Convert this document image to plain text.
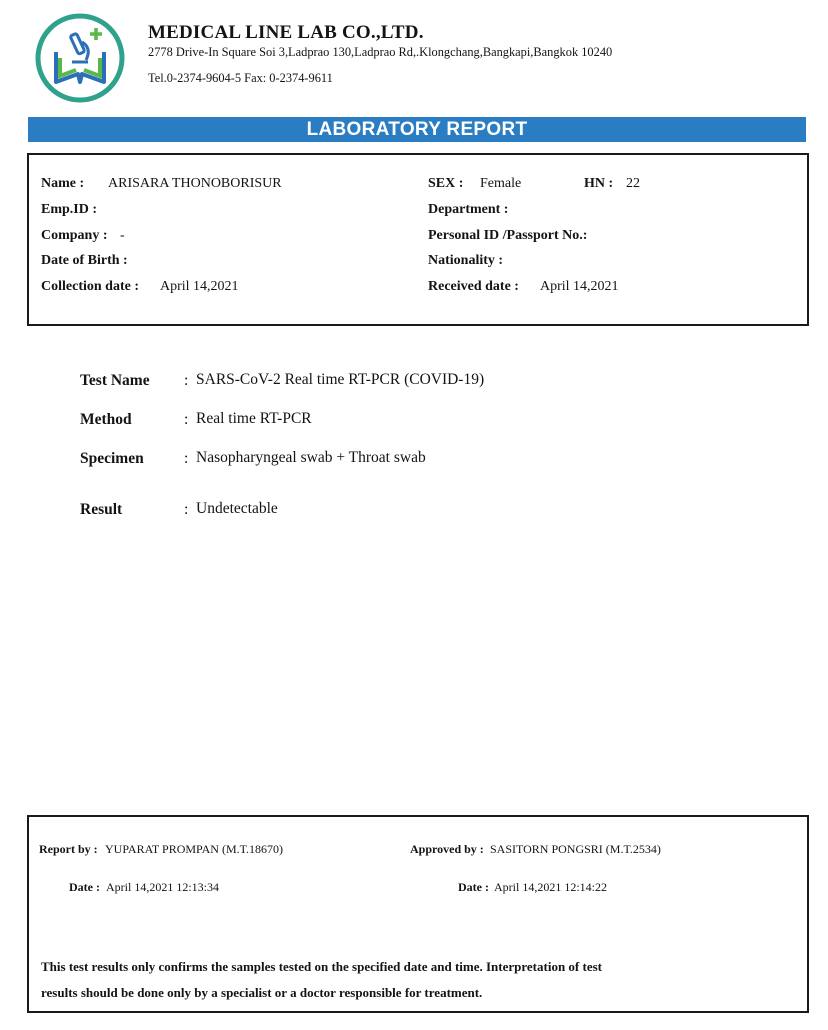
MEDICAL LINE LAB CO.,LTD.
2778 Drive-In Square Soi 3,Ladprao 130,Ladprao Rd,.Klongchang,Bangkapi,Bangkok 10240
Tel.0-2374-9604-5 Fax: 0-2374-9611
LABORATORY REPORT
Name : ARISARA THONOBORISUR	SEX : Female	HN : 22
Emp.ID :	Department :
Company : -	Personal ID /Passport No.:
Date of Birth :	Nationality :
Collection date : April 14,2021	Received date : April 14,2021
Test Name : SARS-CoV-2 Real time RT-PCR (COVID-19)
Method	: Real time RT-PCR
Specimen	: Nasopharyngeal swab + Throat swab
Result	: Undetectable
Report by : YUPARAT PROMPAN (M.T.18670)	Approved by : SASITORN PONGSRI (M.T.2534)
Date : April 14,2021 12:13:34	Date : April 14,2021 12:14:22
This test results only confirms the samples tested on the specified date and time. Interpretation of test
results should be done only by a specialist or a doctor responsible for treatment.
